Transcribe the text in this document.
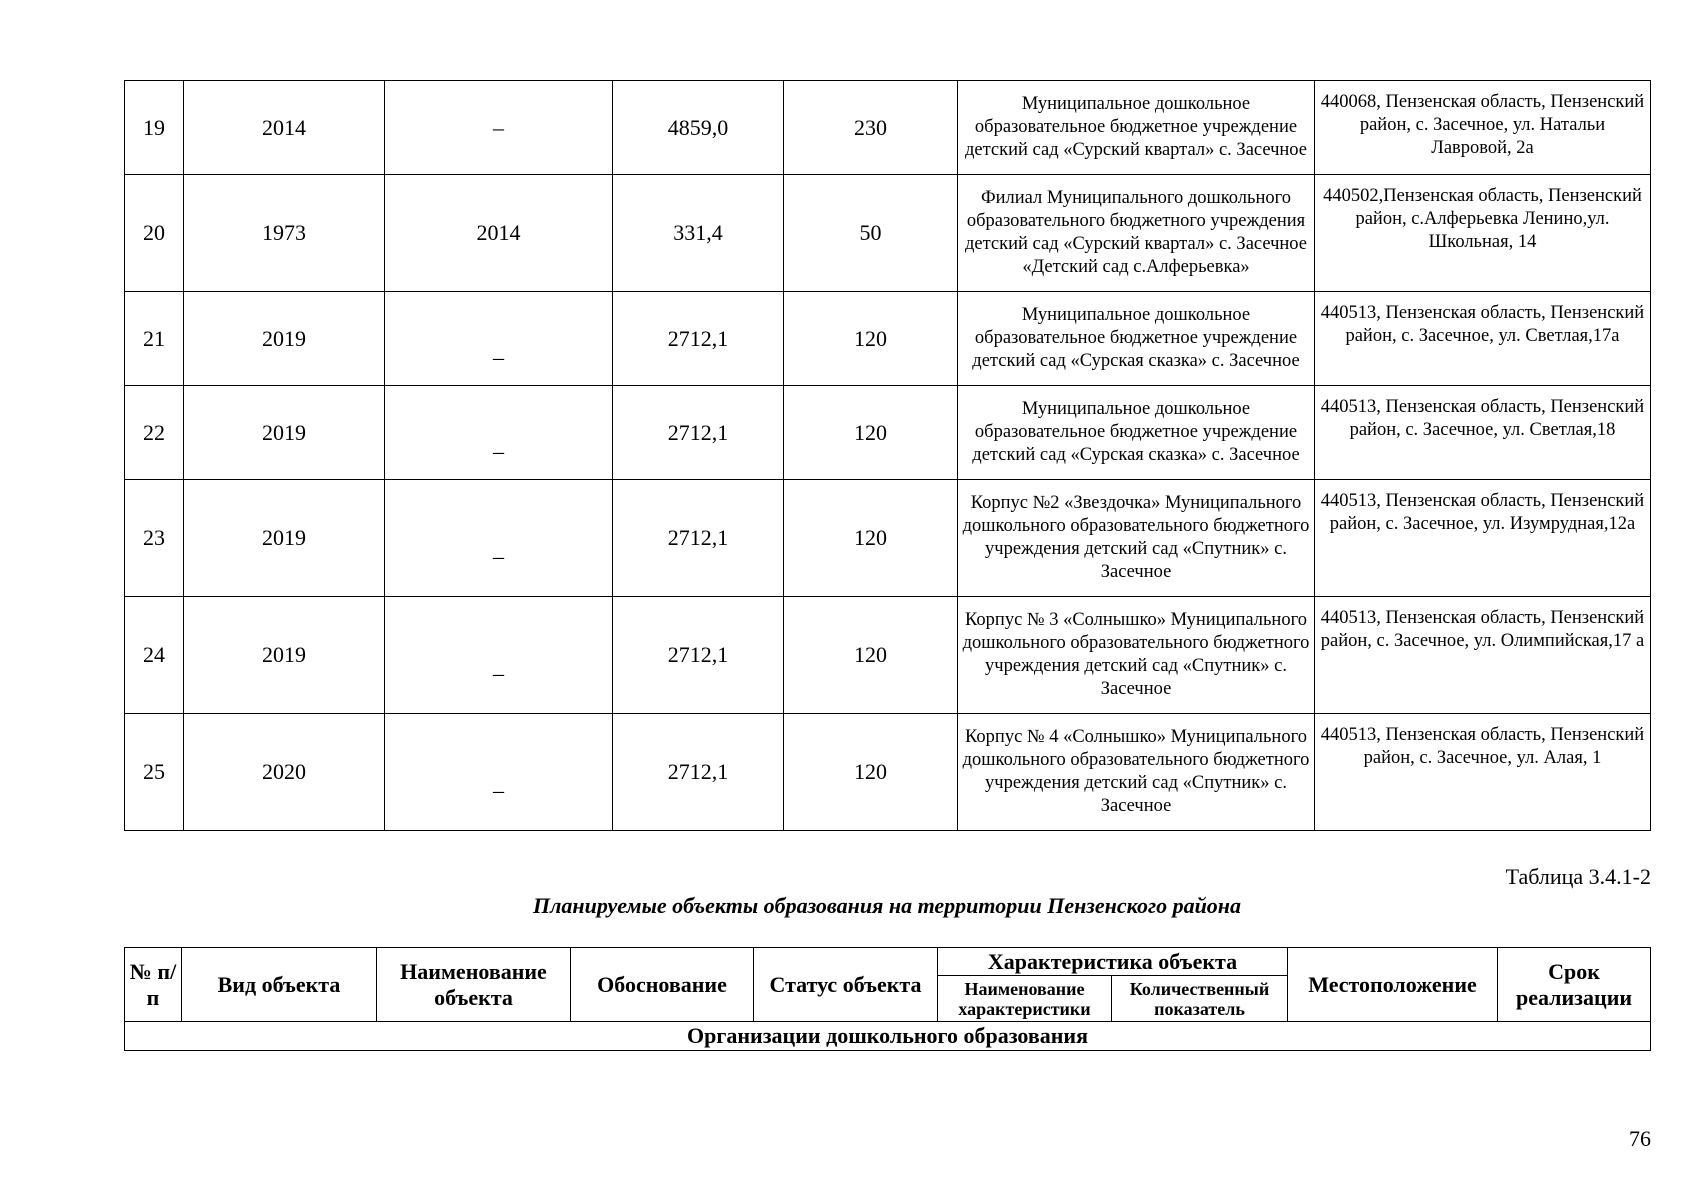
19	2014	–	4859,0	230	Муниципальное дошкольное образовательное бюджетное учреждение детский сад «Сурский квартал» с. Засечное	440068, Пензенская область, Пензенский район, с. Засечное, ул. Натальи Лавровой, 2а
20	1973	2014	331,4	50	Филиал Муниципального дошкольного образовательного бюджетного учреждения детский сад «Сурский квартал» с. Засечное «Детский сад с.Алферьевка»	440502,Пензенская область, Пензенский район, с.Алферьевка Ленино,ул. Школьная, 14
21	2019	_	2712,1	120	Муниципальное дошкольное образовательное бюджетное учреждение детский сад «Сурская сказка» с. Засечное	440513, Пензенская область, Пензенский район, с. Засечное, ул. Светлая,17а
22	2019	_	2712,1	120	Муниципальное дошкольное образовательное бюджетное учреждение детский сад «Сурская сказка» с. Засечное	440513, Пензенская область, Пензенский район, с. Засечное, ул. Светлая,18
23	2019	_	2712,1	120	Корпус №2 «Звездочка» Муниципального дошкольного образовательного бюджетного учреждения детский сад «Спутник» с. Засечное	440513, Пензенская область, Пензенский район, с. Засечное, ул. Изумрудная,12а
24	2019	_	2712,1	120	Корпус № 3 «Солнышко» Муниципального дошкольного образовательного бюджетного учреждения детский сад «Спутник» с. Засечное	440513, Пензенская область, Пензенский район, с. Засечное, ул. Олимпийская,17 а
25	2020	_	2712,1	120	Корпус № 4 «Солнышко» Муниципального дошкольного образовательного бюджетного учреждения детский сад «Спутник» с. Засечное	440513, Пензенская область, Пензенский район, с. Засечное, ул. Алая, 1
Таблица 3.4.1-2
Планируемые объекты образования на территории Пензенского района
№ п/п	Вид объекта	Наименование объекта	Обоснование	Статус объекта	Характеристика объекта		Местоположение	Срок реализации
					Наименование характеристики	Количественный показатель		
Организации дошкольного образования								
76
